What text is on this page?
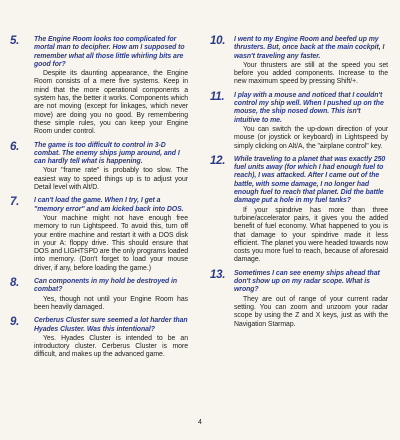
5. The Engine Room looks too complicated for mortal man to decipher. How am I supposed to remember what all those little whirling bits are good for?
Despite its daunting appearance, the Engine Room consists of a mere five systems. Keep in mind that the more operational components a system has, the better it works. Components which are not moving (except for linkages, which never move) are doing you no good. By remembering these simple rules, you can keep your Engine Room under control.
6. The game is too difficult to control in 3-D combat. The enemy ships jump around, and I can hardly tell what is happening.
Your "frame rate" is probably too slow. The easiest way to speed things up is to adjust your Detail level with Alt/D.
7. I can't load the game. When I try, I get a "memory error" and am kicked back into DOS.
Your machine might not have enough free memory to run Lightspeed. To avoid this, turn off your entire machine and restart it with a DOS disk in your A: floppy drive. This should ensure that DOS and LIGHTSPD are the only programs loaded into memory. (Don't forget to load your mouse driver, if any, before loading the game.)
8. Can components in my hold be destroyed in combat?
Yes, though not until your Engine Room has been heavily damaged.
9. Cerberus Cluster sure seemed a lot harder than Hyades Cluster. Was this intentional?
Yes. Hyades Cluster is intended to be an introductory cluster. Cerberus Cluster is more difficult, and makes up the advanced game.
10. I went to my Engine Room and beefed up my thrusters. But, once back at the main cockpit, I wasn't traveling any faster.
Your thrusters are still at the speed you set before you added components. Increase to the new maximum speed by pressing Shift/+.
11. I play with a mouse and noticed that I couldn't control my ship well. When I pushed up on the mouse, the ship nosed down. This isn't intuitive to me.
You can switch the up-down direction of your mouse (or joystick or keyboard) in Lightspeed by simply clicking on Alt/A, the "airplane control" key.
12. While traveling to a planet that was exactly 250 fuel units away (for which I had enough fuel to reach), I was attacked. After I came out of the battle, with some damage, I no longer had enough fuel to reach that planet. Did the battle damage put a hole in my fuel tanks?
If your spindrive has more than three turbine/accelerator pairs, it gives you the added benefit of fuel economy. What happened to you is that damage to your spindrive made it less efficient. The planet you were headed towards now costs you more fuel to reach, because of aforesaid damage.
13. Sometimes I can see enemy ships ahead that don't show up on my radar scope. What is wrong?
They are out of range of your current radar setting. You can zoom and unzoom your radar scope by using the Z and X keys, just as with the Navigation Starmap.
4
